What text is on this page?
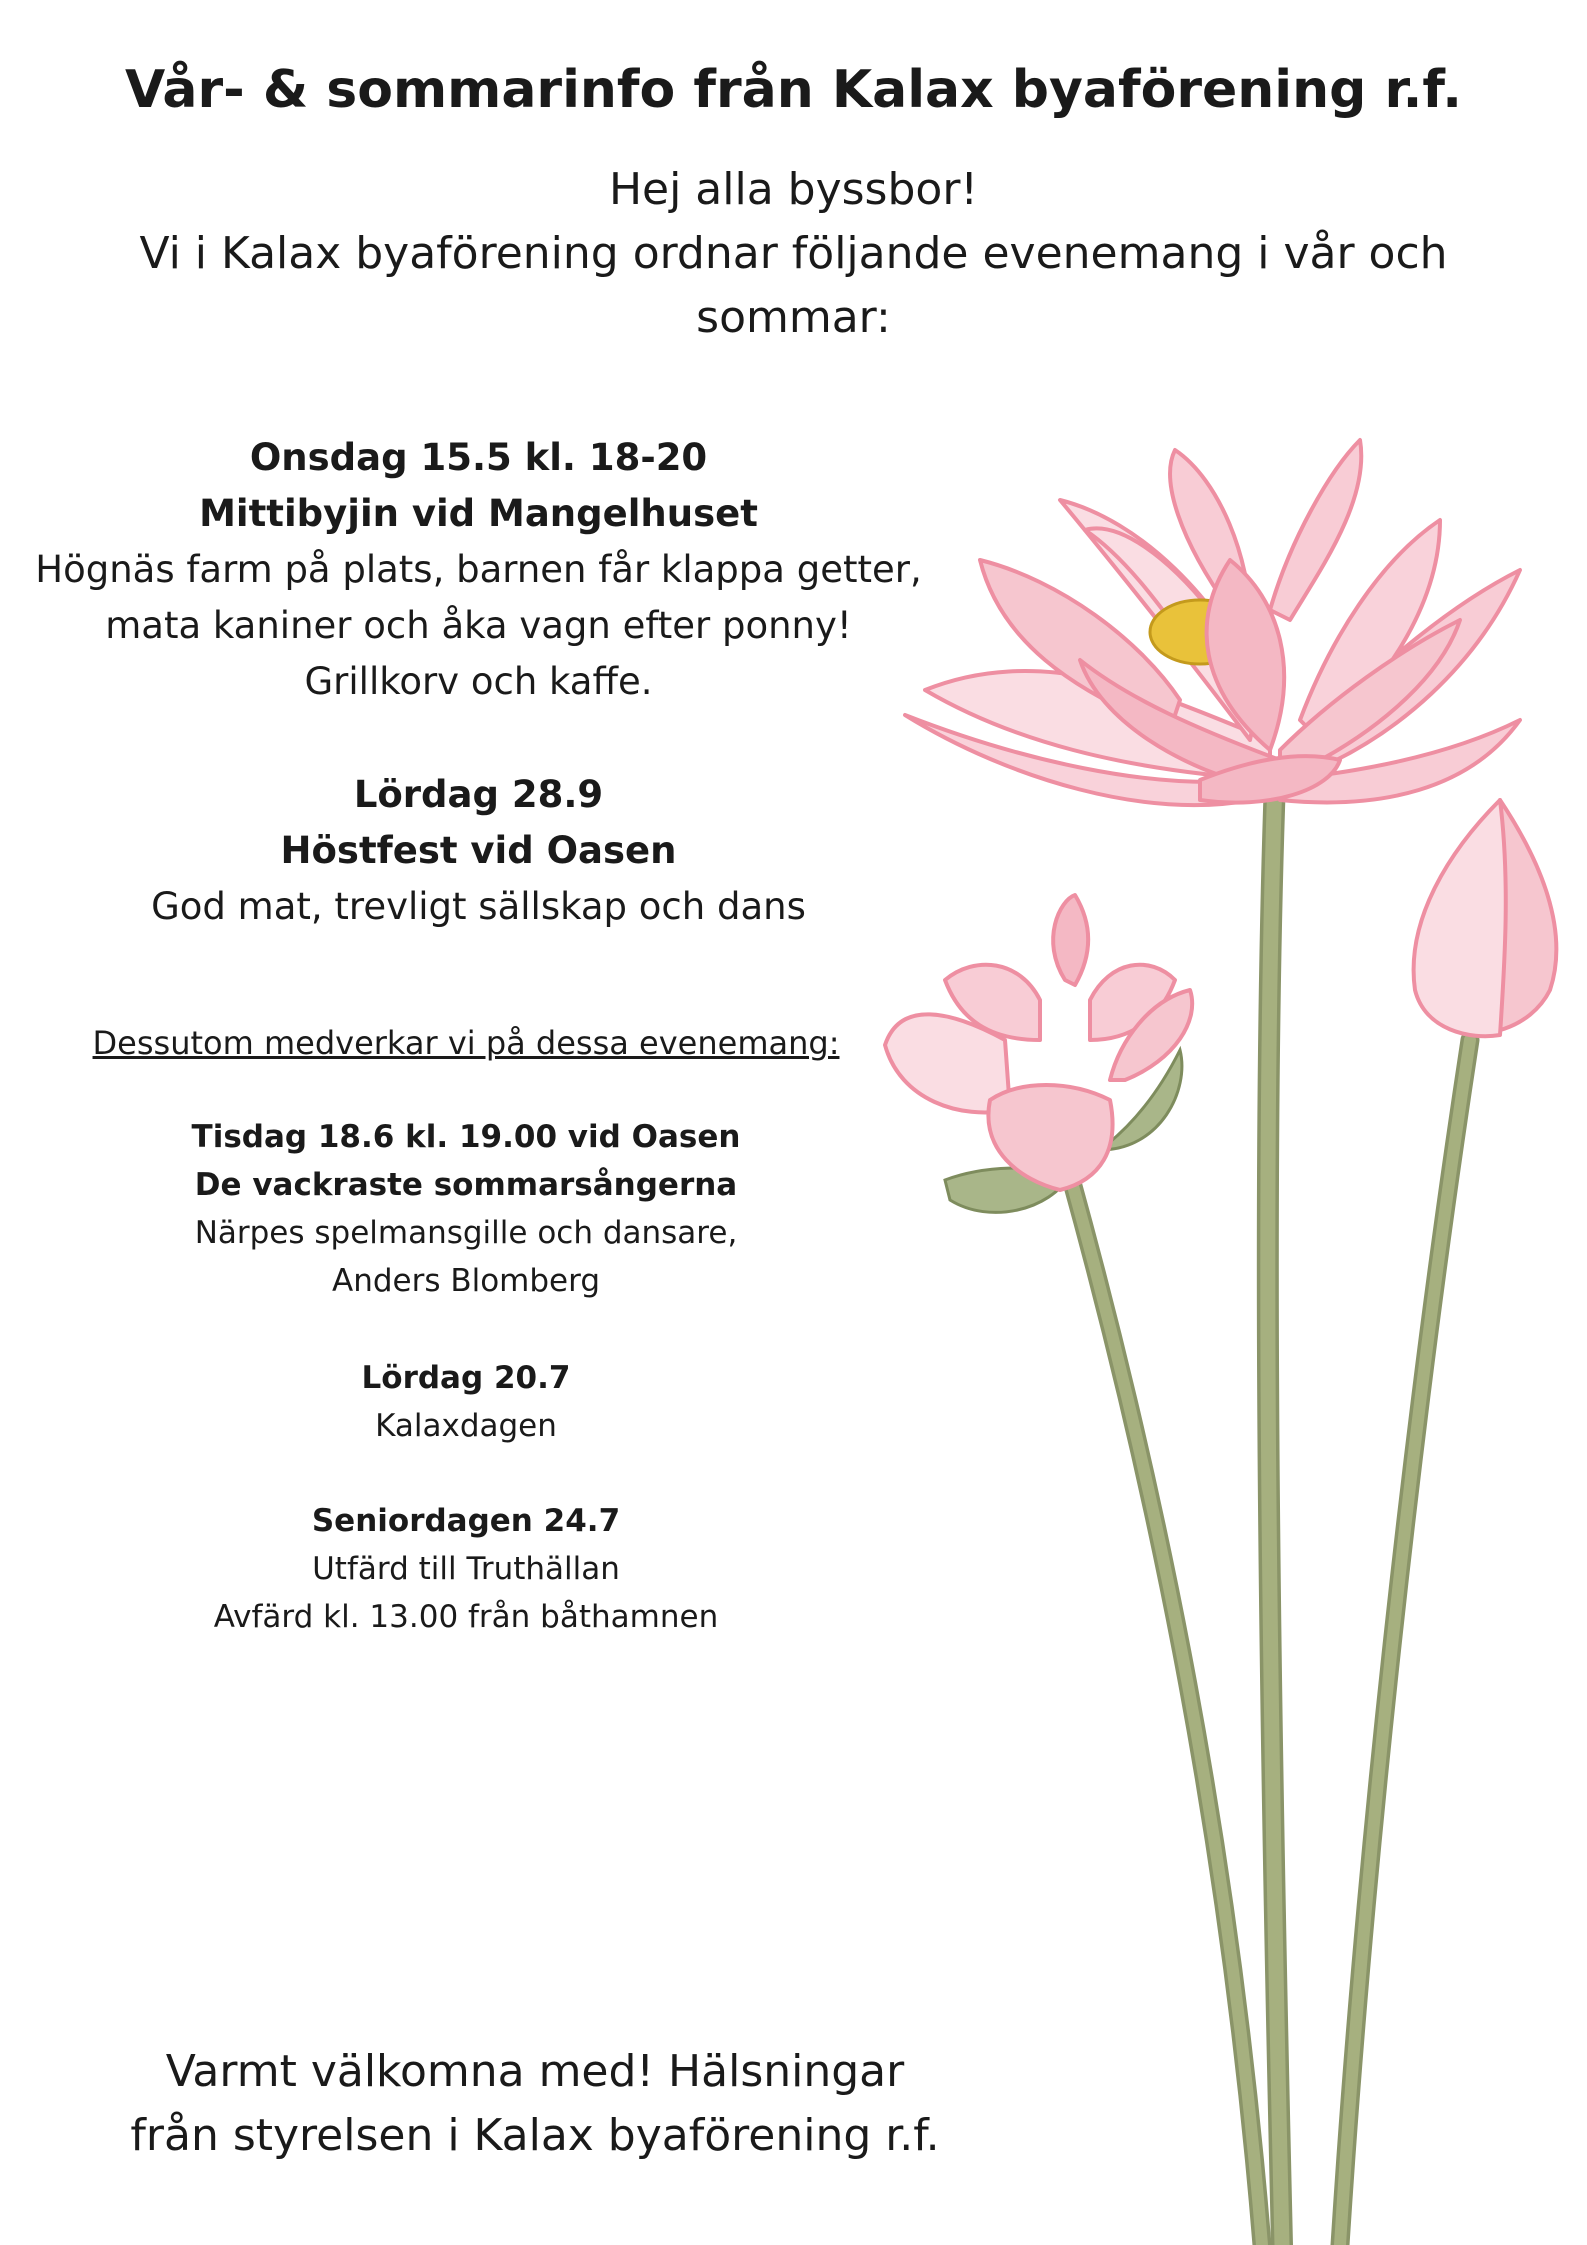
Vår- & sommarinfo från Kalax byaförening r.f.
Hej alla byssbor!
Vi i Kalax byaförening ordnar följande evenemang i vår och
sommar:
Onsdag 15.5 kl. 18-20
Mittibyjin vid Mangelhuset
Högnäs farm på plats, barnen får klappa getter,
mata kaniner och åka vagn efter ponny!
Grillkorv och kaffe.
Lördag 28.9
Höstfest vid Oasen
God mat, trevligt sällskap och dans
Dessutom medverkar vi på dessa evenemang:
Tisdag 18.6 kl. 19.00 vid Oasen
De vackraste sommarsångerna
Närpes spelmansgille och dansare,
Anders Blomberg
Lördag 20.7
Kalaxdagen
Seniordagen 24.7
Utfärd till Truthällan
Avfärd kl. 13.00 från båthamnen
Varmt välkomna med! Hälsningar
från styrelsen i Kalax byaförening r.f.
